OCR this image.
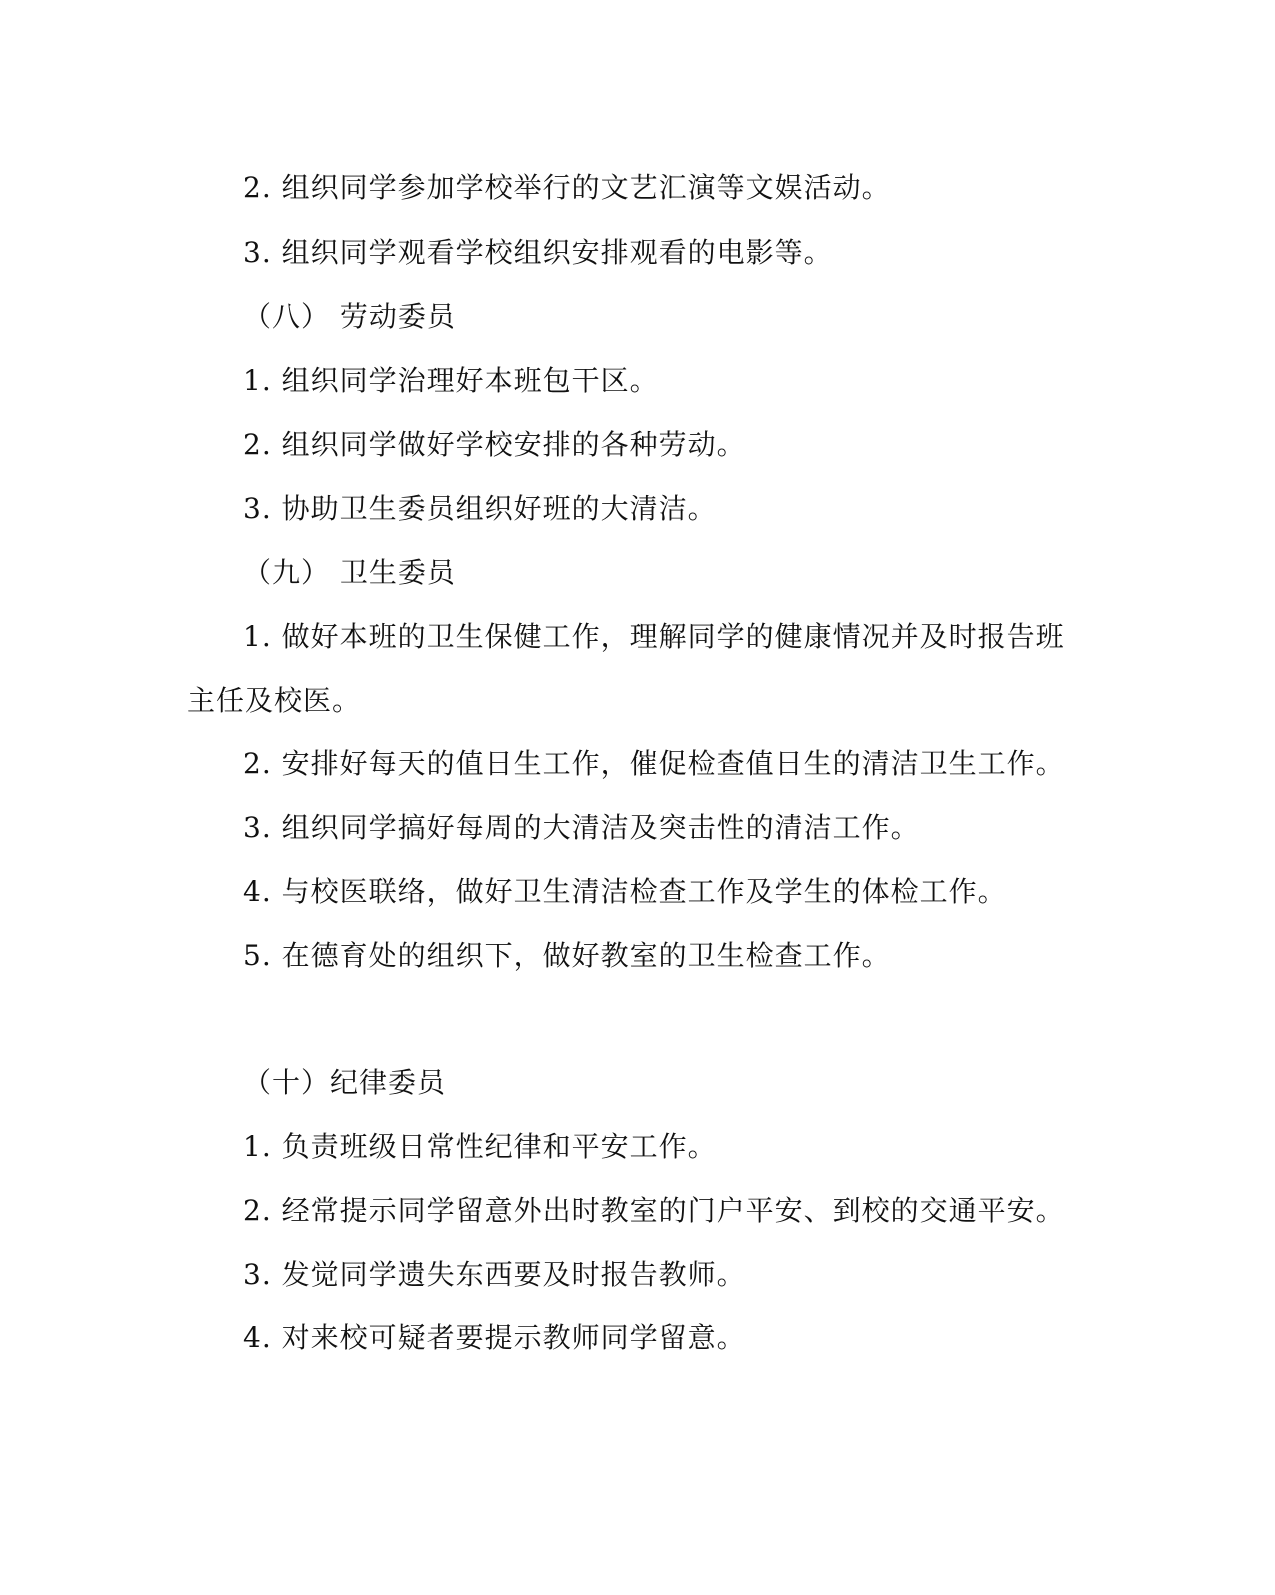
2. 组织同学参加学校举行的文艺汇演等文娱活动。
3. 组织同学观看学校组织安排观看的电影等。
（八） 劳动委员
1. 组织同学治理好本班包干区。
2. 组织同学做好学校安排的各种劳动。
3. 协助卫生委员组织好班的大清洁。
（九） 卫生委员
1. 做好本班的卫生保健工作，理解同学的健康情况并及时报告班
主任及校医。
2. 安排好每天的值日生工作，催促检查值日生的清洁卫生工作。
3. 组织同学搞好每周的大清洁及突击性的清洁工作。
4. 与校医联络，做好卫生清洁检查工作及学生的体检工作。
5. 在德育处的组织下，做好教室的卫生检查工作。
（十）纪律委员
1. 负责班级日常性纪律和平安工作。
2. 经常提示同学留意外出时教室的门户平安、到校的交通平安。
3. 发觉同学遗失东西要及时报告教师。
4. 对来校可疑者要提示教师同学留意。
